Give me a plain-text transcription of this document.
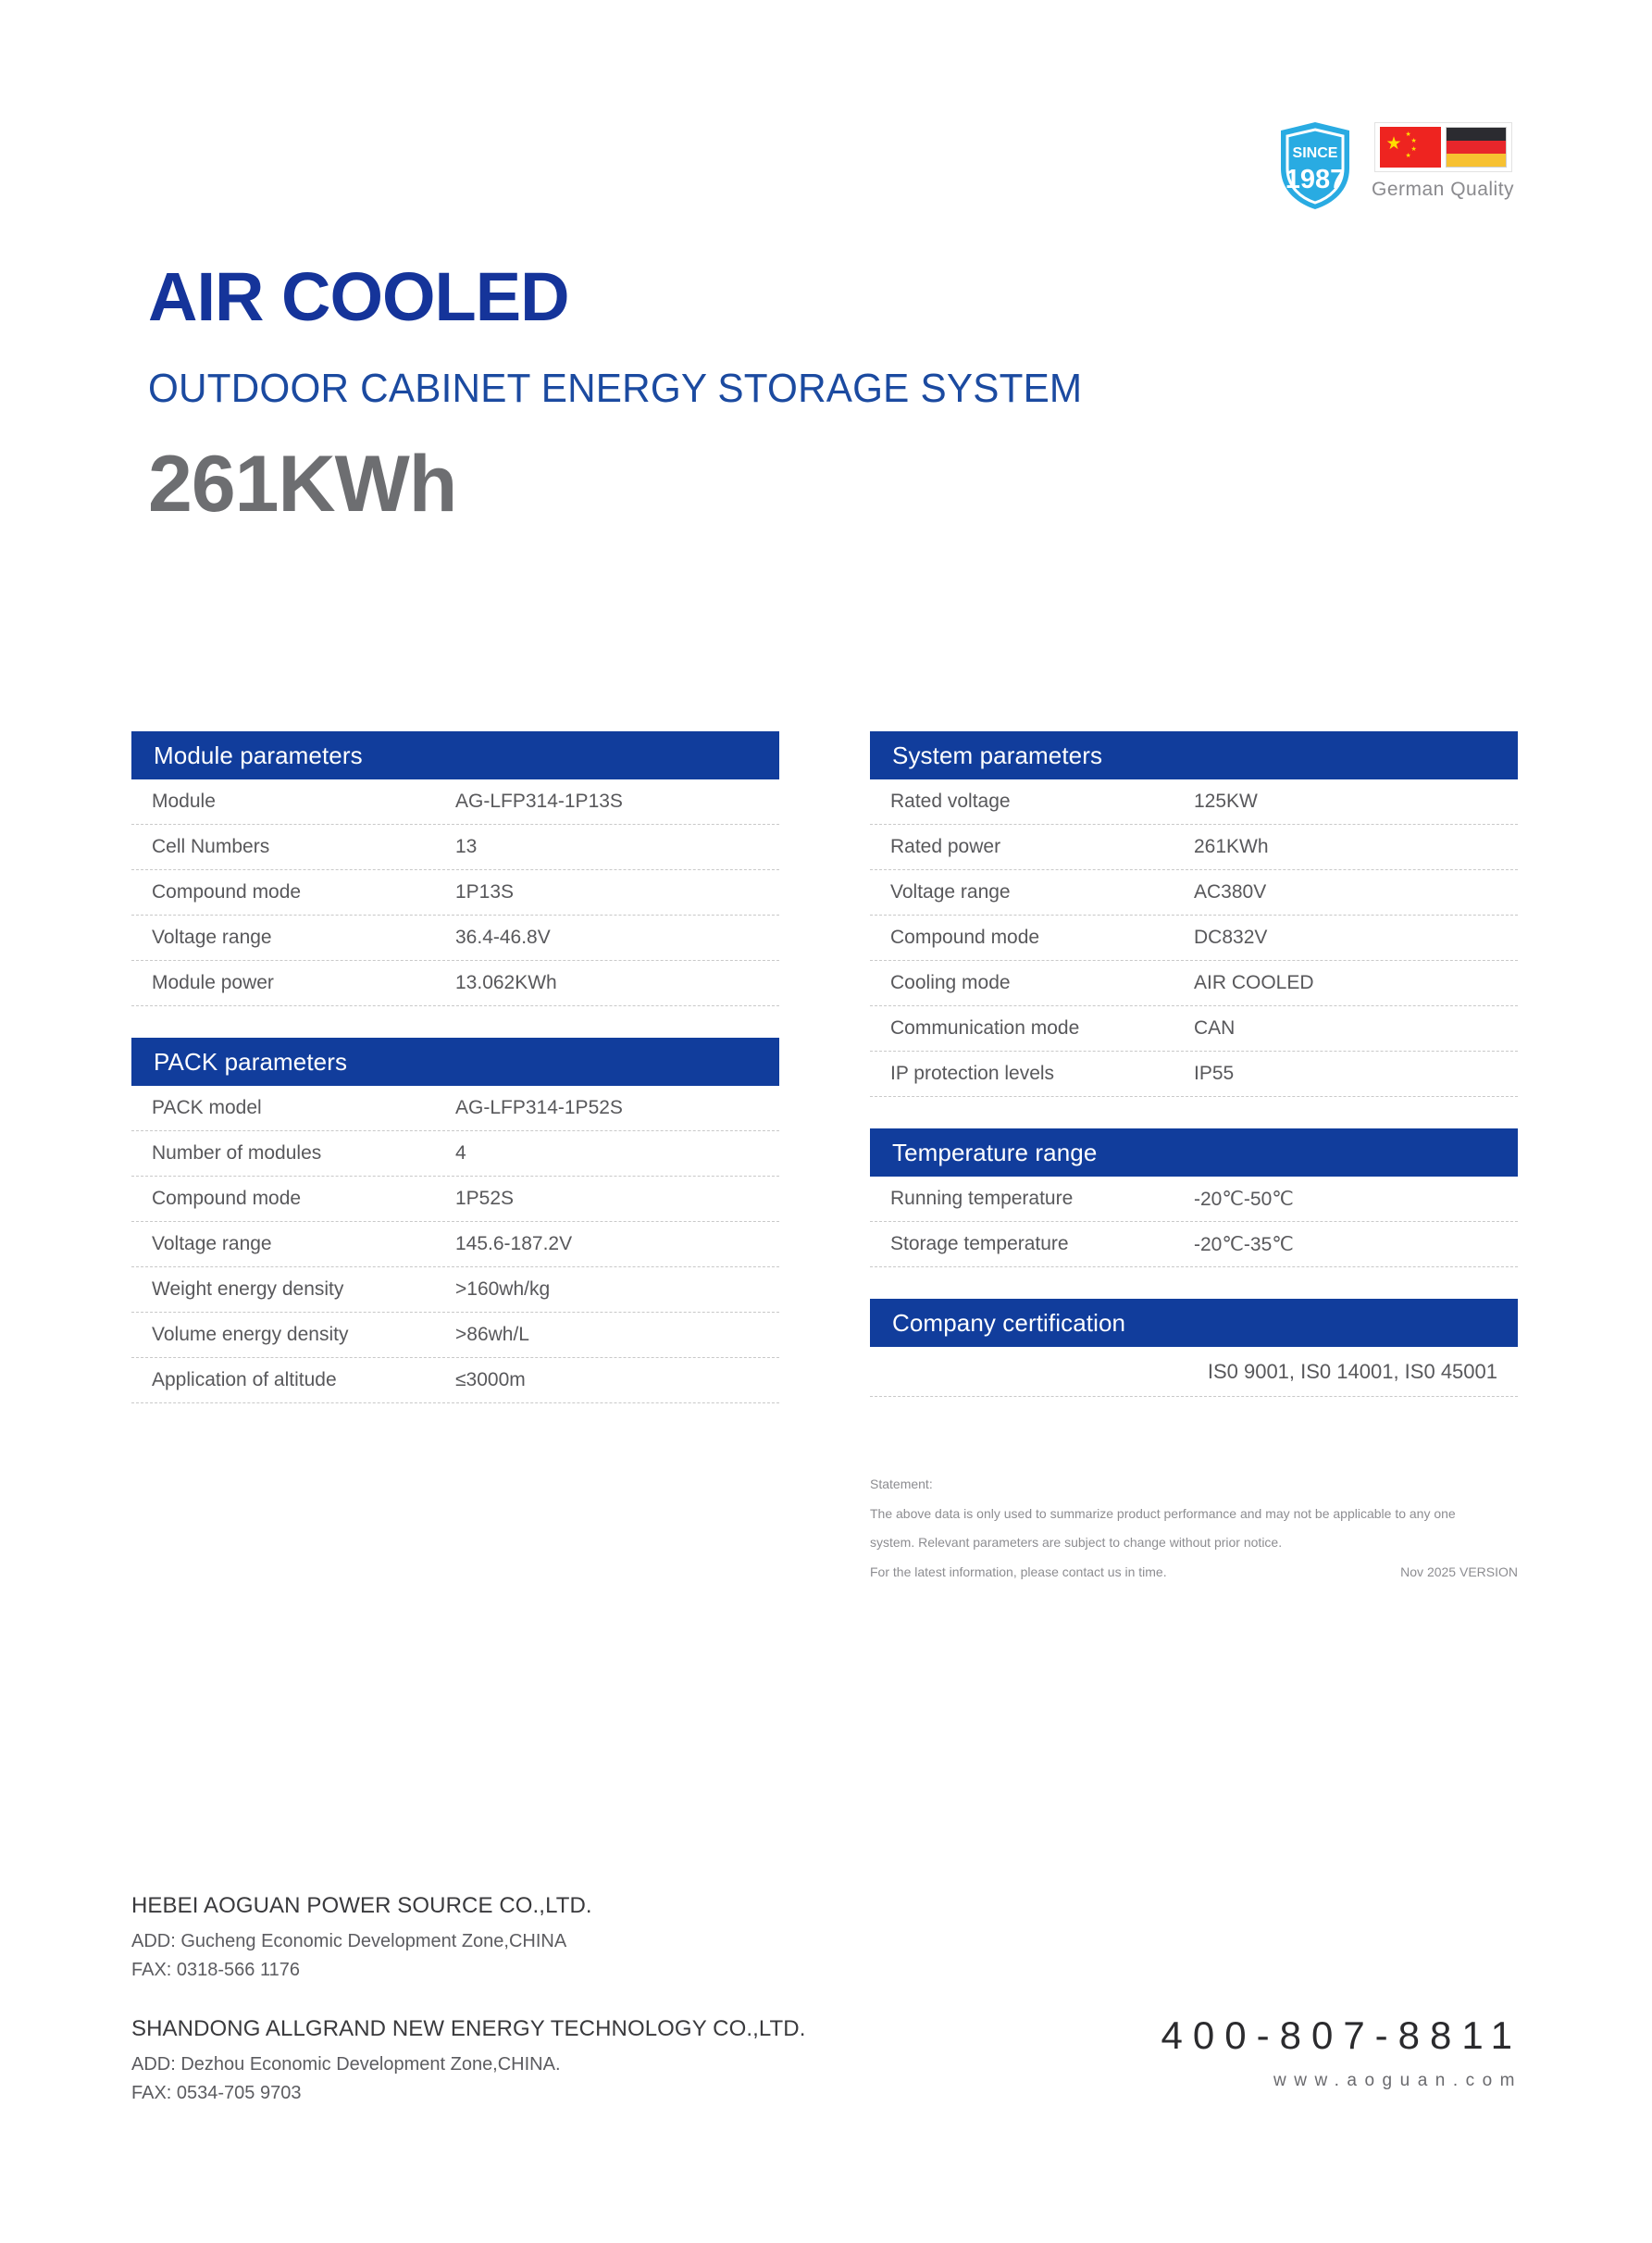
SINCE
1987
★ ★
★
★
★
German Quality
AIR COOLED
OUTDOOR CABINET ENERGY STORAGE SYSTEM
261KWh
Module parameters
Module	AG-LFP314-1P13S
Cell Numbers	13
Compound mode	1P13S
Voltage range	36.4-46.8V
Module power	13.062KWh
PACK parameters
PACK model	AG-LFP314-1P52S
Number of modules	4
Compound mode	1P52S
Voltage range	145.6-187.2V
Weight energy density	>160wh/kg
Volume energy density	>86wh/L
Application of altitude	≤3000m
System parameters
Rated voltage	125KW
Rated power	261KWh
Voltage range	AC380V
Compound mode	DC832V
Cooling mode	AIR COOLED
Communication mode	CAN
IP protection levels	IP55
Temperature range
Running temperature	-20℃-50℃
Storage temperature	-20℃-35℃
Company certification
IS0 9001, IS0 14001, IS0 45001
Statement:
The above data is only used to summarize product performance and may not be applicable to any one
system. Relevant parameters are subject to change without prior notice.
For the latest information, please contact us in time.	Nov 2025 VERSION
HEBEI AOGUAN POWER SOURCE CO.,LTD.
ADD: Gucheng Economic Development Zone,CHINA
FAX: 0318-566 1176
SHANDONG ALLGRAND NEW ENERGY TECHNOLOGY CO.,LTD.
ADD: Dezhou Economic Development Zone,CHINA.
FAX: 0534-705 9703
400-807-8811
www.aoguan.com
